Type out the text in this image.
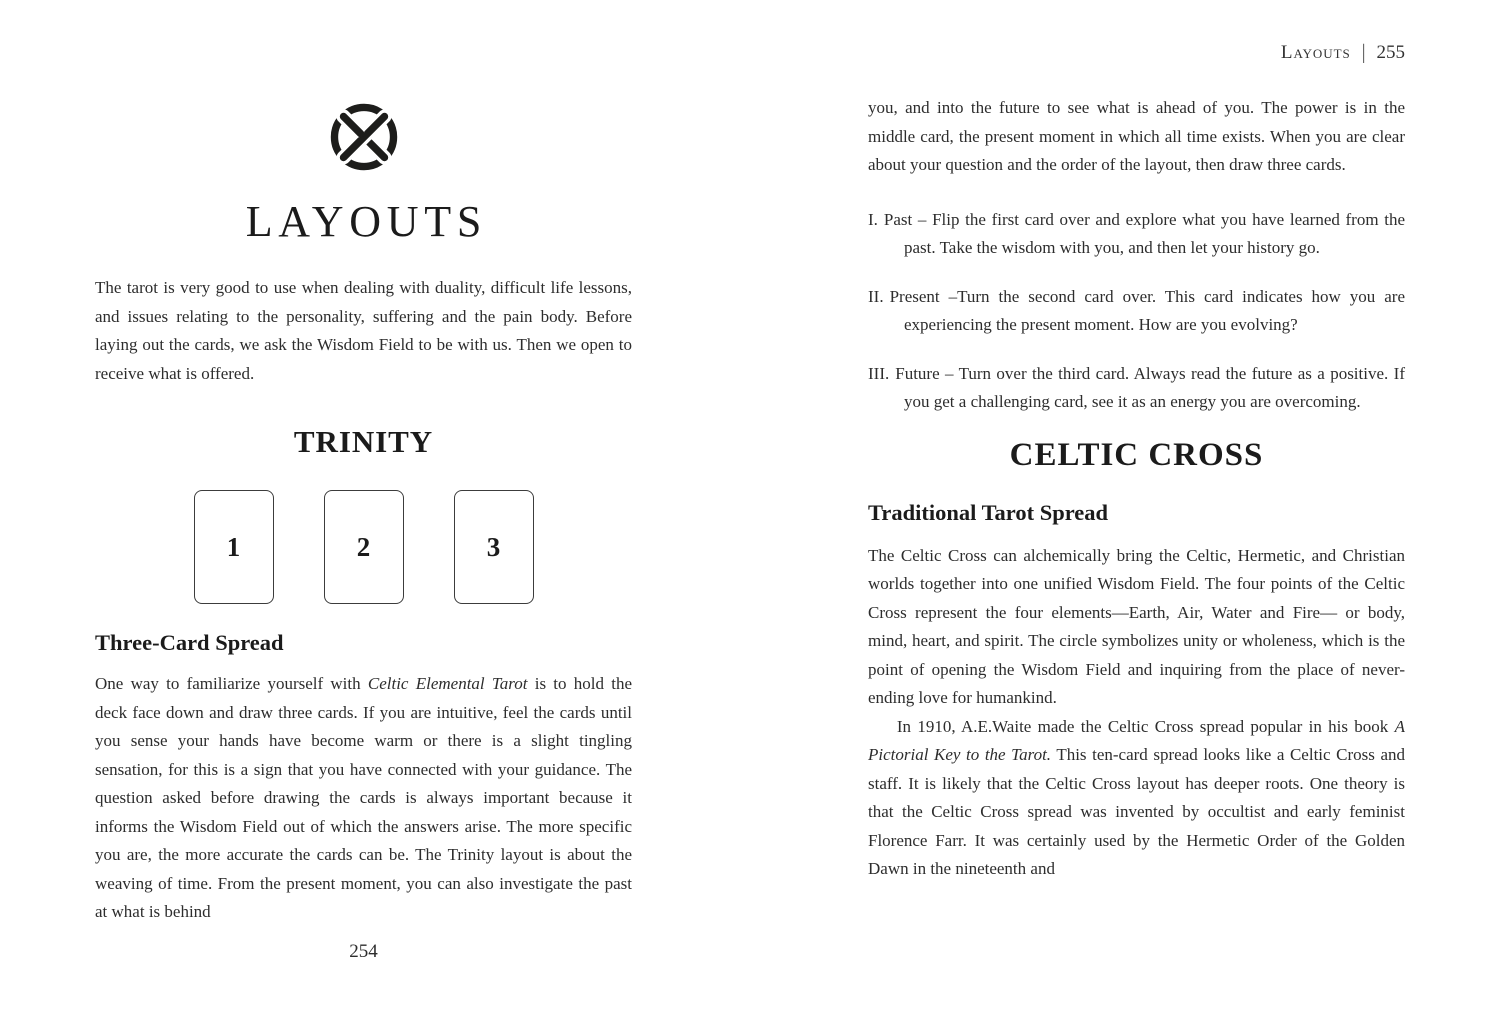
LAYOUTS

The tarot is very good to use when dealing with duality, difficult life lessons, and issues relating to the personality, suffering and the pain body. Before laying out the cards, we ask the Wisdom Field to be with us. Then we open to receive what is offered.

TRINITY
1	2	3
Three-Card Spread

One way to familiarize yourself with Celtic Elemental Tarot is to hold the deck face down and draw three cards. If you are intuitive, feel the cards until you sense your hands have become warm or there is a slight tingling sensation, for this is a sign that you have connected with your guidance. The question asked before drawing the cards is always important because it informs the Wisdom Field out of which the answers arise. The more specific you are, the more accurate the cards can be. The Trinity layout is about the weaving of time. From the present moment, you can also investigate the past at what is behind

254
Layouts | 255

you, and into the future to see what is ahead of you. The power is in the middle card, the present moment in which all time exists. When you are clear about your question and the order of the layout, then draw three cards.

I. Past – Flip the first card over and explore what you have learned from the past. Take the wisdom with you, and then let your history go.
II. Present –Turn the second card over. This card indicates how you are experiencing the present moment. How are you evolving?
III. Future – Turn over the third card. Always read the future as a positive. If you get a challenging card, see it as an energy you are overcoming.
CELTIC CROSS
Traditional Tarot Spread

The Celtic Cross can alchemically bring the Celtic, Hermetic, and Christian worlds together into one unified Wisdom Field. The four points of the Celtic Cross represent the four elements—Earth, Air, Water and Fire— or body, mind, heart, and spirit. The circle symbolizes unity or wholeness, which is the point of opening the Wisdom Field and inquiring from the place of never-ending love for humankind.

In 1910, A.E.Waite made the Celtic Cross spread popular in his book A Pictorial Key to the Tarot. This ten-card spread looks like a Celtic Cross and staff. It is likely that the Celtic Cross layout has deeper roots. One theory is that the Celtic Cross spread was invented by occultist and early feminist Florence Farr. It was certainly used by the Hermetic Order of the Golden Dawn in the nineteenth and
